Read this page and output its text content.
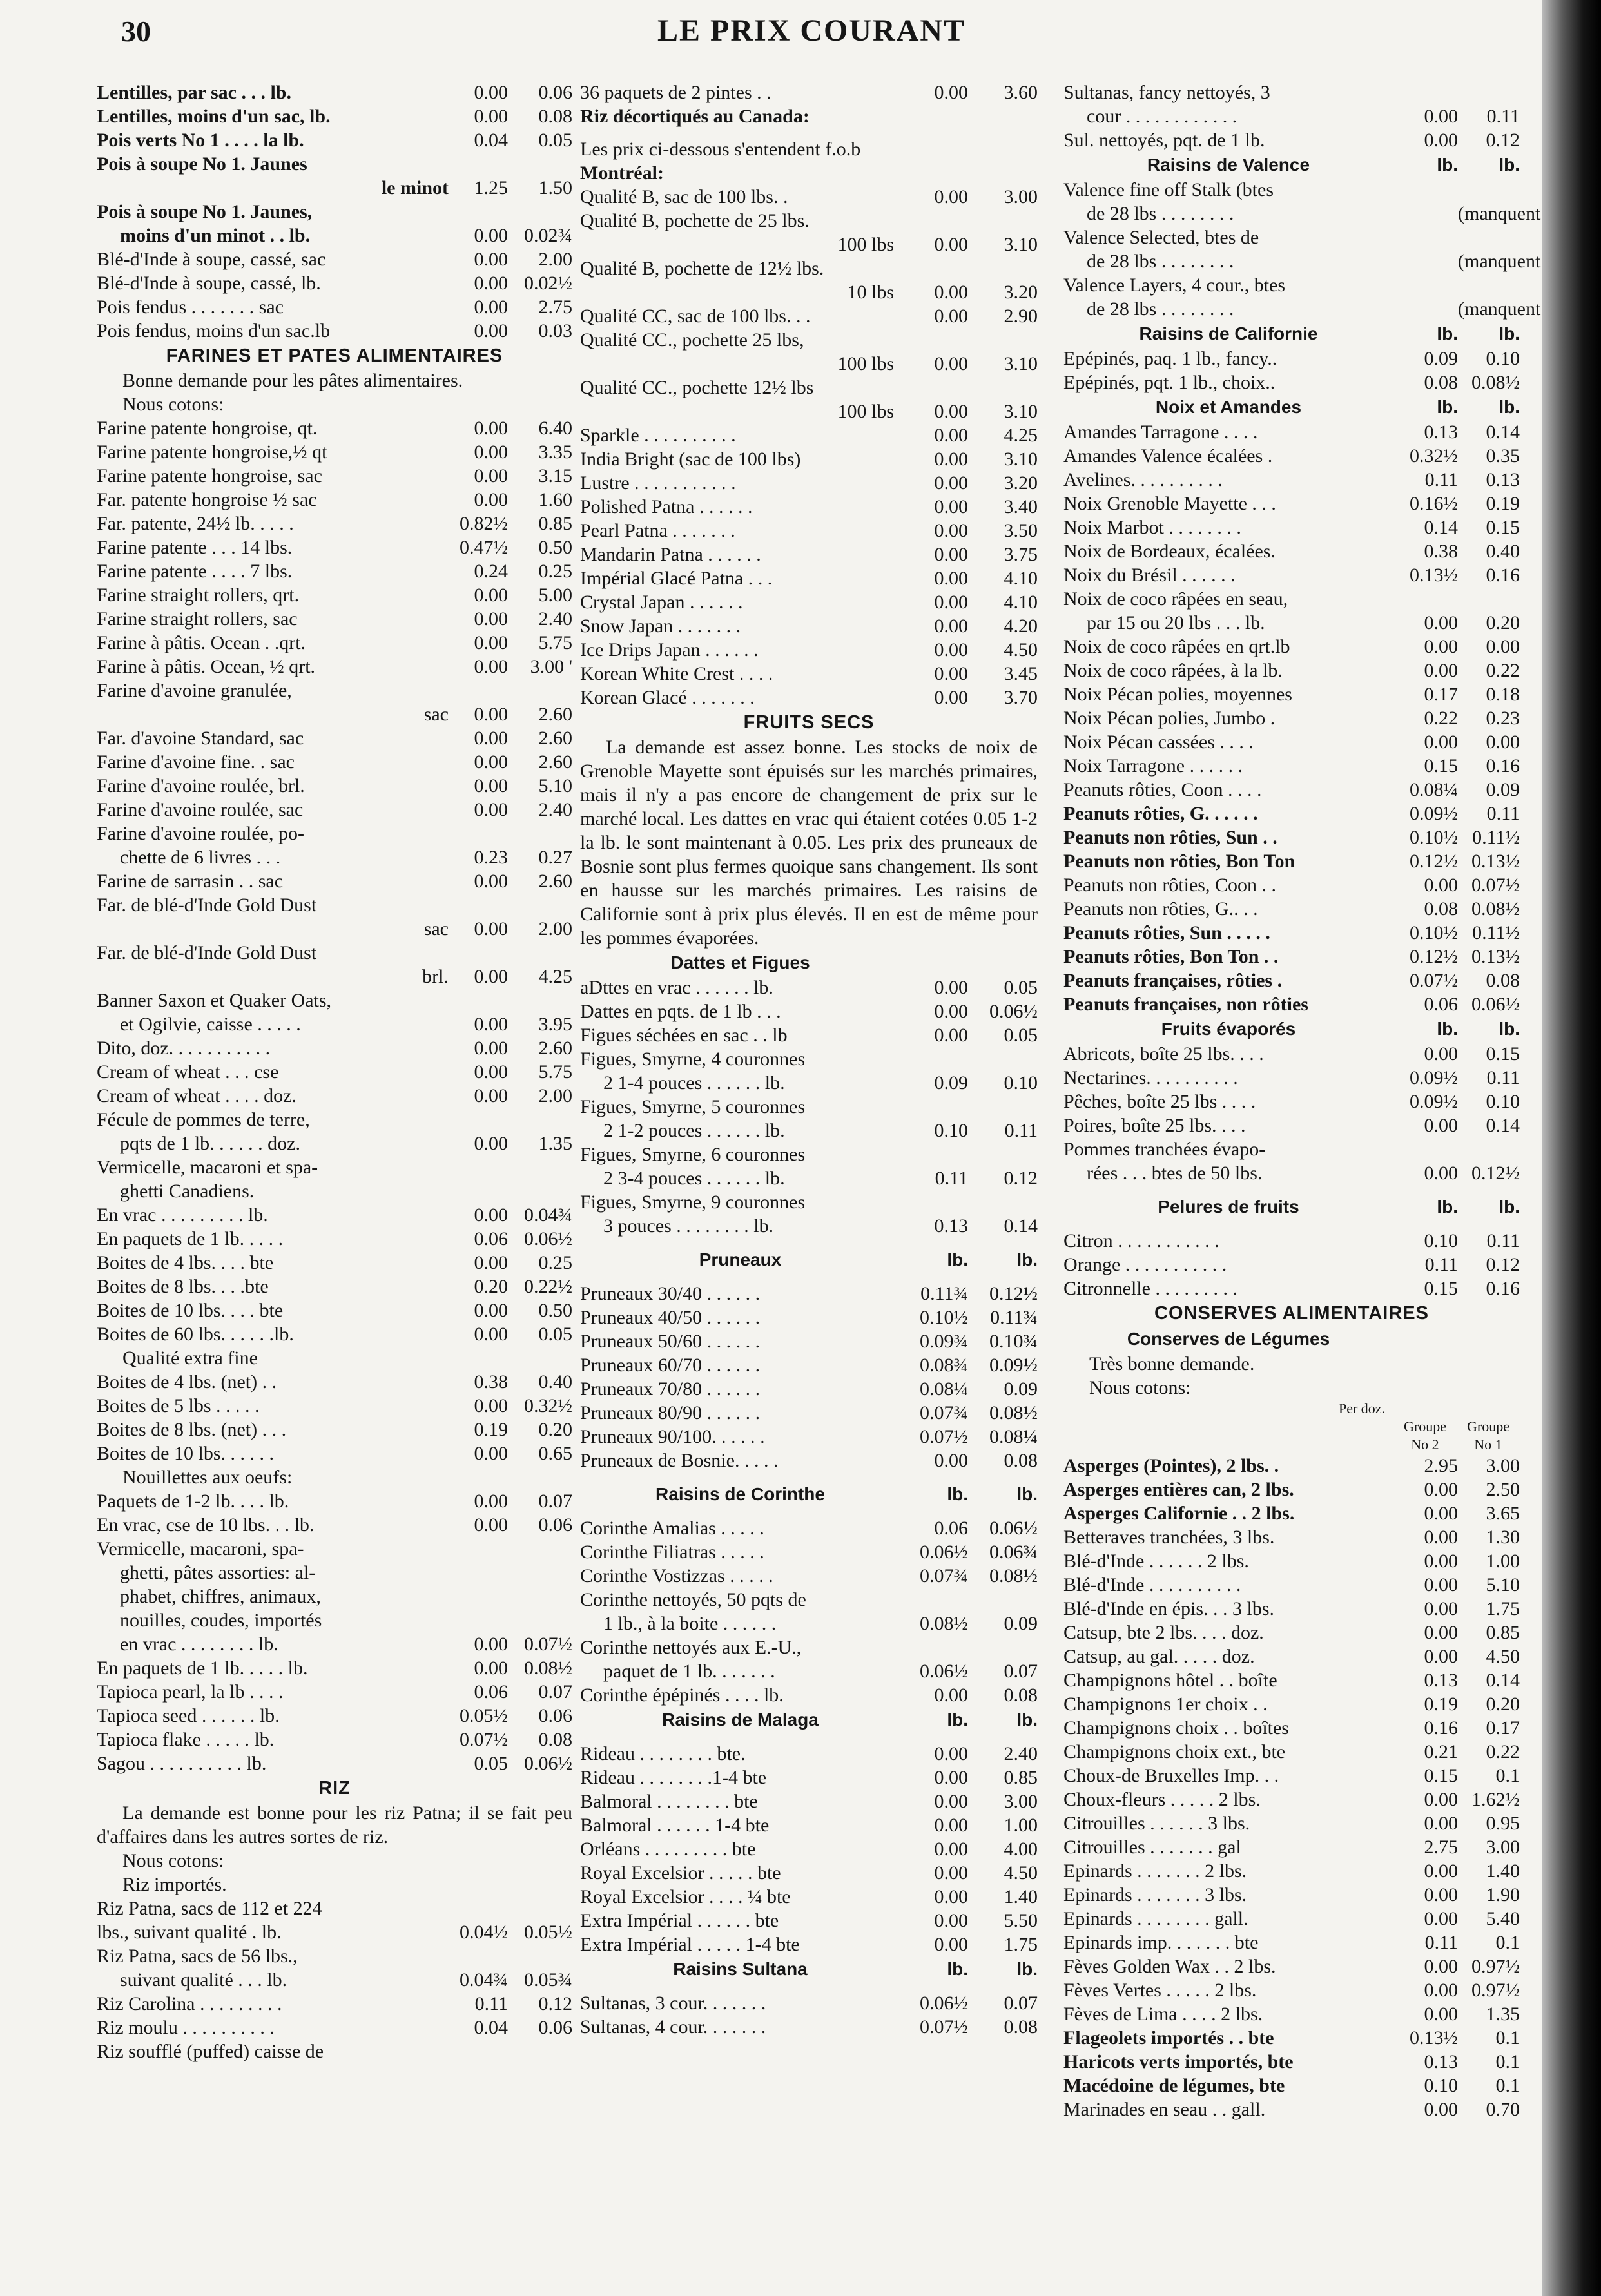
30	LE PRIX COURANT
Lentilles, par sac . . . lb.	0.00	0.06
Lentilles, moins d'un sac, lb.	0.00	0.08
Pois verts No 1 . . . . la lb.	0.04	0.05
Pois à soupe No 1. Jaunes
le minot	1.25	1.50
Pois à soupe No 1. Jaunes,
moins d'un minot . . lb.	0.00 0.02¾
Blé-d'Inde à soupe, cassé, sac	0.00	2.00
Blé-d'Inde à soupe, cassé, lb.	0.00 0.02½
Pois fendus . . . . . . . sac	0.00	2.75
Pois fendus, moins d'un sac.lb	0.00	0.03
FARINES ET PATES ALIMENTAIRES
Bonne demande pour les pâtes alimentaires.
Nous cotons:
Farine patente hongroise, qt.	0.00	6.40
Farine patente hongroise,½ qt	0.00	3.35
Farine patente hongroise, sac	0.00	3.15
Far. patente hongroise ½ sac	0.00	1.60
Far. patente, 24½ lb. . . . .	0.82½	0.85
Farine patente . . . 14 lbs.	0.47½	0.50
Farine patente . . . . 7 lbs.	0.24	0.25
Farine straight rollers, qrt.	0.00	5.00
Farine straight rollers, sac	0.00	2.40
Farine à pâtis. Ocean . .qrt.	0.00	5.75
Farine à pâtis. Ocean, ½ qrt.	0.00	3.00 '
Farine d'avoine granulée,
sac	0.00	2.60
Far. d'avoine Standard, sac	0.00	2.60
Farine d'avoine fine. . sac	0.00	2.60
Farine d'avoine roulée, brl.	0.00	5.10
Farine d'avoine roulée, sac	0.00	2.40
Farine d'avoine roulée, po-
chette de 6 livres . . .	0.23	0.27
Farine de sarrasin . . sac	0.00	2.60
Far. de blé-d'Inde Gold Dust
sac	0.00	2.00
Far. de blé-d'Inde Gold Dust
brl.	0.00	4.25
Banner Saxon et Quaker Oats,
et Ogilvie, caisse . . . . .	0.00	3.95
Dito, doz. . . . . . . . . . .	0.00	2.60
Cream of wheat . . . cse	0.00	5.75
Cream of wheat . . . . doz.	0.00	2.00
Fécule de pommes de terre,
pqts de 1 lb. . . . . . doz.	0.00	1.35
Vermicelle, macaroni et spa-
ghetti Canadiens.
En vrac . . . . . . . . . lb.	0.00 0.04¾
En paquets de 1 lb. . . . .	0.06 0.06½
Boites de 4 lbs. . . . bte	0.00	0.25
Boites de 8 lbs. . . .bte	0.20 0.22½
Boites de 10 lbs. . . . bte	0.00	0.50
Boites de 60 lbs. . . . . .lb.	0.00	0.05
Qualité extra fine
Boites de 4 lbs. (net) . .	0.38	0.40
Boites de 5 lbs . . . . .	0.00 0.32½
Boites de 8 lbs. (net) . . .	0.19	0.20
Boites de 10 lbs. . . . . .	0.00	0.65
Nouillettes aux oeufs:
Paquets de 1-2 lb. . . . lb.	0.00	0.07
En vrac, cse de 10 lbs. . . lb.	0.00	0.06
Vermicelle, macaroni, spa-
ghetti, pâtes assorties: al-
phabet, chiffres, animaux,
nouilles, coudes, importés
en vrac . . . . . . . . lb.	0.00 0.07½
En paquets de 1 lb. . . . . lb.	0.00 0.08½
Tapioca pearl, la lb . . . .	0.06	0.07
Tapioca seed . . . . . . lb.	0.05½	0.06
Tapioca flake . . . . . lb.	0.07½	0.08
Sagou . . . . . . . . . . lb.	0.05 0.06½
RIZ
La demande est bonne pour les riz Patna; il se fait peu d'affaires dans les autres sortes de riz.
Nous cotons:
Riz importés.
Riz Patna, sacs de 112 et 224
lbs., suivant qualité . lb.	0.04½ 0.05½
Riz Patna, sacs de 56 lbs.,
suivant qualité . . . lb.	0.04¾ 0.05¾
Riz Carolina . . . . . . . . .	0.11	0.12
Riz moulu . . . . . . . . . .	0.04	0.06
Riz soufflé (puffed) caisse de
36 paquets de 2 pintes . .	0.00	3.60
Riz décortiqués au Canada:
Les prix ci-dessous s'entendent f.o.b
Montréal:
Qualité B, sac de 100 lbs. .	0.00	3.00
Qualité B, pochette de 25 lbs.
100 lbs	0.00	3.10
Qualité B, pochette de 12½ lbs.
10 lbs	0.00	3.20
Qualité CC, sac de 100 lbs. . .	0.00	2.90
Qualité CC., pochette 25 lbs,
100 lbs	0.00	3.10
Qualité CC., pochette 12½ lbs
100 lbs	0.00	3.10
Sparkle . . . . . . . . . .	0.00	4.25
India Bright (sac de 100 lbs)	0.00	3.10
Lustre . . . . . . . . . . .	0.00	3.20
Polished Patna . . . . . .	0.00	3.40
Pearl Patna . . . . . . .	0.00	3.50
Mandarin Patna . . . . . .	0.00	3.75
Impérial Glacé Patna . . .	0.00	4.10
Crystal Japan . . . . . .	0.00	4.10
Snow Japan . . . . . . .	0.00	4.20
Ice Drips Japan . . . . . .	0.00	4.50
Korean White Crest . . . .	0.00	3.45
Korean Glacé . . . . . . .	0.00	3.70
FRUITS SECS
La demande est assez bonne. Les stocks de noix de Grenoble Mayette sont épuisés sur les marchés primaires, mais il n'y a pas encore de changement de prix sur le marché local. Les dattes en vrac qui étaient cotées 0.05 1-2 la lb. le sont maintenant à 0.05. Les prix des pruneaux de Bosnie sont plus fermes quoique sans changement. Ils sont en hausse sur les marchés primaires. Les raisins de Californie sont à prix plus élevés. Il en est de même pour les pommes évaporées.
Dattes et Figues
aDttes en vrac . . . . . . lb.	0.00	0.05
Dattes en pqts. de 1 lb . . .	0.00	0.06½
Figues séchées en sac . . lb	0.00	0.05
Figues, Smyrne, 4 couronnes
2 1-4 pouces . . . . . . lb.	0.09	0.10
Figues, Smyrne, 5 couronnes
2 1-2 pouces . . . . . . lb.	0.10	0.11
Figues, Smyrne, 6 couronnes
2 3-4 pouces . . . . . . lb.	0.11	0.12
Figues, Smyrne, 9 couronnes
3 pouces . . . . . . . . lb.	0.13	0.14
Pruneaux	lb.	lb.
Pruneaux 30/40 . . . . . .	0.11¾	0.12½
Pruneaux 40/50 . . . . . .	0.10½	0.11¾
Pruneaux 50/60 . . . . . .	0.09¾	0.10¾
Pruneaux 60/70 . . . . . .	0.08¾	0.09½
Pruneaux 70/80 . . . . . .	0.08¼	0.09
Pruneaux 80/90 . . . . . .	0.07¾	0.08½
Pruneaux 90/100. . . . . .	0.07½	0.08¼
Pruneaux de Bosnie. . . . .	0.00	0.08
Raisins de Corinthe	lb.	lb.
Corinthe Amalias . . . . .	0.06	0.06½
Corinthe Filiatras . . . . .	0.06½	0.06¾
Corinthe Vostizzas . . . . .	0.07¾	0.08½
Corinthe nettoyés, 50 pqts de
1 lb., à la boite . . . . . .	0.08½	0.09
Corinthe nettoyés aux E.-U.,
paquet de 1 lb. . . . . . .	0.06½	0.07
Corinthe épépinés . . . . lb.	0.00	0.08
Raisins de Malaga	lb.	lb.
Rideau . . . . . . . . bte.	0.00	2.40
Rideau . . . . . . . .1-4 bte	0.00	0.85
Balmoral . . . . . . . . bte	0.00	3.00
Balmoral . . . . . . 1-4 bte	0.00	1.00
Orléans . . . . . . . . . bte	0.00	4.00
Royal Excelsior . . . . . bte	0.00	4.50
Royal Excelsior . . . . ¼ bte	0.00	1.40
Extra Impérial . . . . . . bte	0.00	5.50
Extra Impérial . . . . . 1-4 bte	0.00	1.75
Raisins Sultana	lb.	lb.
Sultanas, 3 cour. . . . . . .	0.06½	0.07
Sultanas, 4 cour. . . . . . .	0.07½	0.08
Sultanas, fancy nettoyés, 3
cour . . . . . . . . . . . .	0.00	0.11
Sul. nettoyés, pqt. de 1 lb.	0.00	0.12
Raisins de Valence	lb.	lb.
Valence fine off Stalk (btes
de 28 lbs . . . . . . . .	(manquent
Valence Selected, btes de
de 28 lbs . . . . . . . .	(manquent
Valence Layers, 4 cour., btes
de 28 lbs . . . . . . . .	(manquent
Raisins de Californie	lb.	lb.
Epépinés, paq. 1 lb., fancy..	0.09	0.10
Epépinés, pqt. 1 lb., choix..	0.08 0.08½
Noix et Amandes	lb.	lb.
Amandes Tarragone . . . .	0.13	0.14
Amandes Valence écalées .	0.32½	0.35
Avelines. . . . . . . . . .	0.11	0.13
Noix Grenoble Mayette . . .	0.16½	0.19
Noix Marbot . . . . . . . .	0.14	0.15
Noix de Bordeaux, écalées.	0.38	0.40
Noix du Brésil . . . . . .	0.13½	0.16
Noix de coco râpées en seau,
par 15 ou 20 lbs . . . lb.	0.00	0.20
Noix de coco râpées en qrt.lb	0.00	0.00
Noix de coco râpées, à la lb.	0.00	0.22
Noix Pécan polies, moyennes	0.17	0.18
Noix Pécan polies, Jumbo .	0.22	0.23
Noix Pécan cassées . . . .	0.00	0.00
Noix Tarragone . . . . . .	0.15	0.16
Peanuts rôties, Coon . . . .	0.08¼	0.09
Peanuts rôties, G. . . . . .	0.09½	0.11
Peanuts non rôties, Sun . .	0.10½ 0.11½
Peanuts non rôties, Bon Ton	0.12½ 0.13½
Peanuts non rôties, Coon . .	0.00 0.07½
Peanuts non rôties, G.. . .	0.08 0.08½
Peanuts rôties, Sun . . . . .	0.10½ 0.11½
Peanuts rôties, Bon Ton . .	0.12½ 0.13½
Peanuts françaises, rôties .	0.07½	0.08
Peanuts françaises, non rôties	0.06 0.06½
Fruits évaporés	lb.	lb.
Abricots, boîte 25 lbs. . . .	0.00	0.15
Nectarines. . . . . . . . . .	0.09½	0.11
Pêches, boîte 25 lbs . . . .	0.09½	0.10
Poires, boîte 25 lbs. . . .	0.00	0.14
Pommes tranchées évapo-
rées . . . btes de 50 lbs.	0.00 0.12½
Pelures de fruits	lb.	lb.
Citron . . . . . . . . . . .	0.10	0.11
Orange . . . . . . . . . . .	0.11	0.12
Citronnelle . . . . . . . . .	0.15	0.16
CONSERVES ALIMENTAIRES
Conserves de Légumes
Très bonne demande.
Nous cotons:
Per doz.
Groupe	Groupe
No 2	No 1
Asperges (Pointes), 2 lbs. .	2.95	3.00
Asperges entières can, 2 lbs.	0.00	2.50
Asperges Californie . . 2 lbs.	0.00	3.65
Betteraves tranchées, 3 lbs.	0.00	1.30
Blé-d'Inde . . . . . . 2 lbs.	0.00	1.00
Blé-d'Inde . . . . . . . . . .	0.00	5.10
Blé-d'Inde en épis. . . 3 lbs.	0.00	1.75
Catsup, bte 2 lbs. . . . doz.	0.00	0.85
Catsup, au gal. . . . . doz.	0.00	4.50
Champignons hôtel . . boîte	0.13	0.14
Champignons 1er choix . .	0.19	0.20
Champignons choix . . boîtes	0.16	0.17
Champignons choix ext., bte	0.21	0.22
Choux-de Bruxelles Imp. . .	0.15	0.1
Choux-fleurs . . . . . 2 lbs.	0.00 1.62½
Citrouilles . . . . . . 3 lbs.	0.00	0.95
Citrouilles . . . . . . . gal	2.75	3.00
Epinards . . . . . . . 2 lbs.	0.00	1.40
Epinards . . . . . . . 3 lbs.	0.00	1.90
Epinards . . . . . . . . gall.	0.00	5.40
Epinards imp. . . . . . . bte	0.11	0.1
Fèves Golden Wax . . 2 lbs.	0.00 0.97½
Fèves Vertes . . . . . 2 lbs.	0.00 0.97½
Fèves de Lima . . . . 2 lbs.	0.00	1.35
Flageolets importés . . bte	0.13½	0.1
Haricots verts importés, bte	0.13	0.1
Macédoine de légumes, bte	0.10	0.1
Marinades en seau . . gall.	0.00	0.70
